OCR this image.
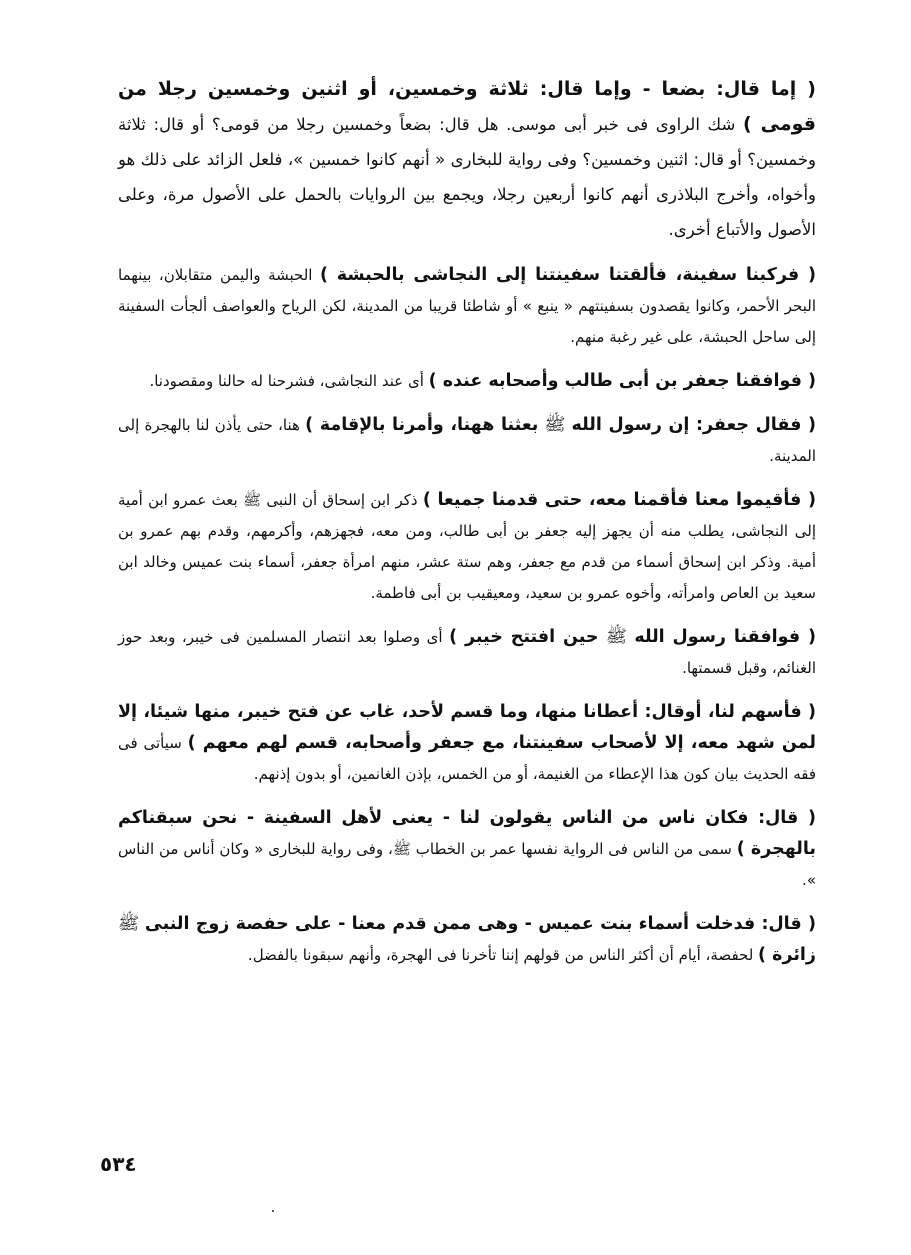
( إما قال: بضعا - وإما قال: ثلاثة وخمسين، أو اثنين وخمسين رجلا من قومى ) شك الراوى فى خبر أبى موسى. هل قال: بضعاً وخمسين رجلا من قومى؟ أو قال: ثلاثة وخمسين؟ أو قال: اثنين وخمسين؟ وفى رواية للبخارى « أنهم كانوا خمسين »، فلعل الزائد على ذلك هو وأخواه، وأخرج البلاذرى أنهم كانوا أربعين رجلا، ويجمع بين الروايات بالحمل على الأصول مرة، وعلى الأصول والأتباع أخرى.

( فركبنا سفينة، فألقتنا سفينتنا إلى النجاشى بالحبشة ) الحبشة واليمن متقابلان، بينهما البحر الأحمر، وكانوا يقصدون بسفينتهم « ينبع » أو شاطئا قريبا من المدينة، لكن الرياح والعواصف ألجأت السفينة إلى ساحل الحبشة، على غير رغبة منهم.

( فوافقنا جعفر بن أبى طالب وأصحابه عنده ) أى عند النجاشى، فشرحنا له حالنا ومقصودنا.

( فقال جعفر: إن رسول الله ﷺ بعثنا ههنا، وأمرنا بالإقامة ) هنا، حتى يأذن لنا بالهجرة إلى المدينة.

( فأقيموا معنا فأقمنا معه، حتى قدمنا جميعا ) ذكر ابن إسحاق أن النبى ﷺ بعث عمرو ابن أمية إلى النجاشى، يطلب منه أن يجهز إليه جعفر بن أبى طالب، ومن معه، فجهزهم، وأكرمهم، وقدم بهم عمرو بن أمية. وذكر ابن إسحاق أسماء من قدم مع جعفر، وهم ستة عشر، منهم امرأة جعفر، أسماء بنت عميس وخالد ابن سعيد بن العاص وامرأته، وأخوه عمرو بن سعيد، ومعيقيب بن أبى فاطمة.

( فوافقنا رسول الله ﷺ حين افتتح خيبر ) أى وصلوا بعد انتصار المسلمين فى خيبر، وبعد حوز الغنائم، وقبل قسمتها.

( فأسهم لنا، أوقال: أعطانا منها، وما قسم لأحد، غاب عن فتح خيبر، منها شيئا، إلا لمن شهد معه، إلا لأصحاب سفينتنا، مع جعفر وأصحابه، قسم لهم معهم ) سيأتى فى فقه الحديث بيان كون هذا الإعطاء من الغنيمة، أو من الخمس، بإذن الغانمين، أو بدون إذنهم.

( قال: فكان ناس من الناس يقولون لنا - يعنى لأهل السفينة - نحن سبقناكم بالهجرة ) سمى من الناس فى الرواية نفسها عمر بن الخطاب ﷺ، وفى رواية للبخارى « وكان أناس من الناس ».

( قال: فدخلت أسماء بنت عميس - وهى ممن قدم معنا - على حفصة زوج النبى ﷺ زائرة ) لحفصة، أيام أن أكثر الناس من قولهم إننا تأخرنا فى الهجرة، وأنهم سبقونا بالفضل.

٥٣٤
